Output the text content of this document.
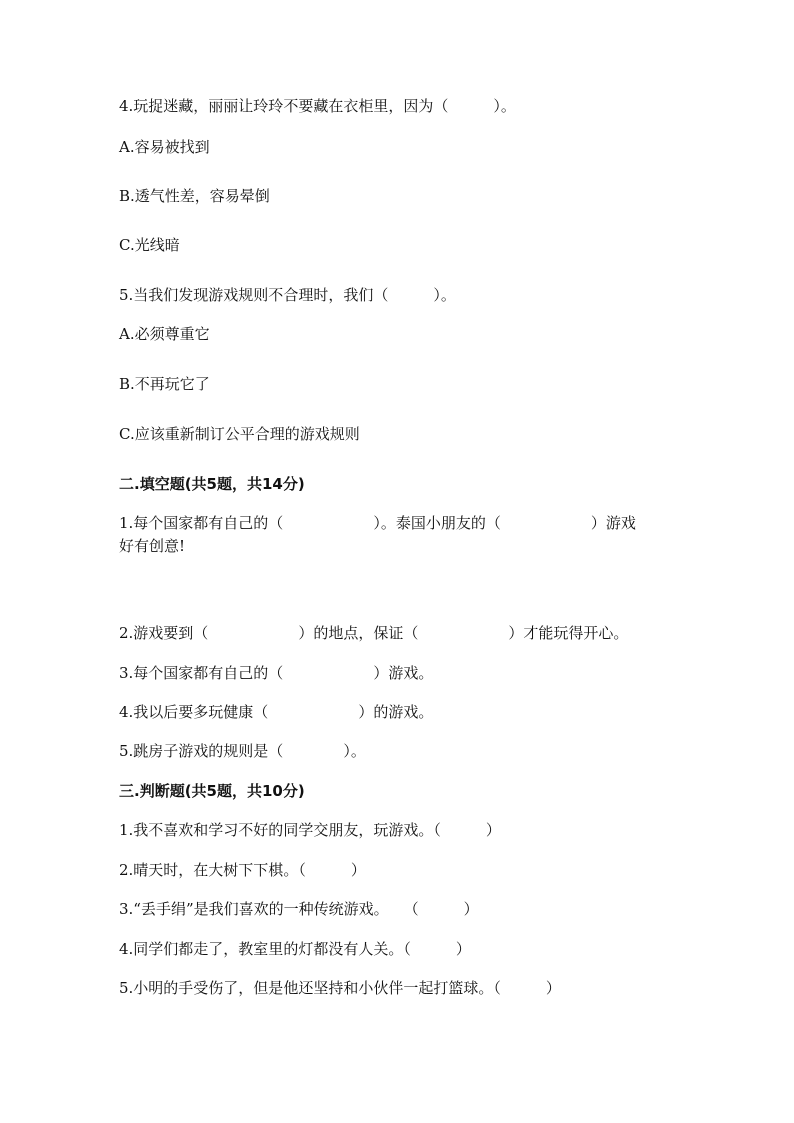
4.玩捉迷藏，丽丽让玲玲不要藏在衣柜里，因为（　　　）。
A.容易被找到
B.透气性差，容易晕倒
C.光线暗
5.当我们发现游戏规则不合理时，我们（　　　）。
A.必须尊重它
B.不再玩它了
C.应该重新制订公平合理的游戏规则
二.填空题(共5题，共14分)
1.每个国家都有自己的（　　　　　　）。泰国小朋友的（　　　　　　）游戏
好有创意!
2.游戏要到（　　　　　　）的地点，保证（　　　　　　）才能玩得开心。
3.每个国家都有自己的（　　　　　　）游戏。
4.我以后要多玩健康（　　　　　　）的游戏。
5.跳房子游戏的规则是（　　　　）。
三.判断题(共5题，共10分)
1.我不喜欢和学习不好的同学交朋友，玩游戏。（　　　）
2.晴天时，在大树下下棋。（　　　）
3.“丢手绢”是我们喜欢的一种传统游戏。　　（　　　）
4.同学们都走了，教室里的灯都没有人关。（　　　）
5.小明的手受伤了，但是他还坚持和小伙伴一起打篮球。（　　　）
